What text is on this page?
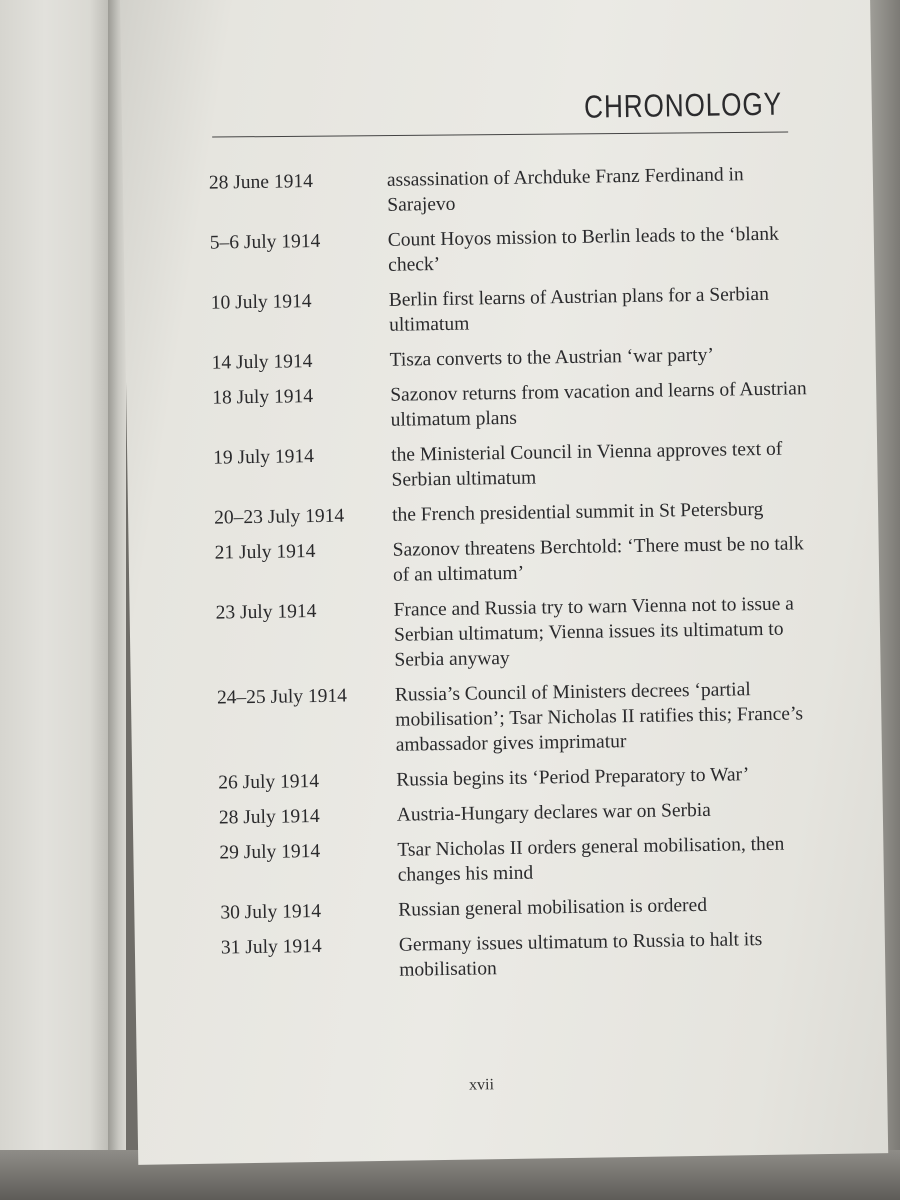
CHRONOLOGY
28 June 1914	assassination of Archduke Franz Ferdinand in Sarajevo
5–6 July 1914	Count Hoyos mission to Berlin leads to the ‘blank check’
10 July 1914	Berlin first learns of Austrian plans for a Serbian ultimatum
14 July 1914	Tisza converts to the Austrian ‘war party’
18 July 1914	Sazonov returns from vacation and learns of Austrian ultimatum plans
19 July 1914	the Ministerial Council in Vienna approves text of Serbian ultimatum
20–23 July 1914	the French presidential summit in St Petersburg
21 July 1914	Sazonov threatens Berchtold: ‘There must be no talk of an ultimatum’
23 July 1914	France and Russia try to warn Vienna not to issue a Serbian ultimatum; Vienna issues its ultimatum to Serbia anyway
24–25 July 1914	Russia’s Council of Ministers decrees ‘partial mobilisation’; Tsar Nicholas II ratifies this; France’s ambassador gives imprimatur
26 July 1914	Russia begins its ‘Period Preparatory to War’
28 July 1914	Austria-Hungary declares war on Serbia
29 July 1914	Tsar Nicholas II orders general mobilisation, then changes his mind
30 July 1914	Russian general mobilisation is ordered
31 July 1914	Germany issues ultimatum to Russia to halt its mobilisation
xvii
